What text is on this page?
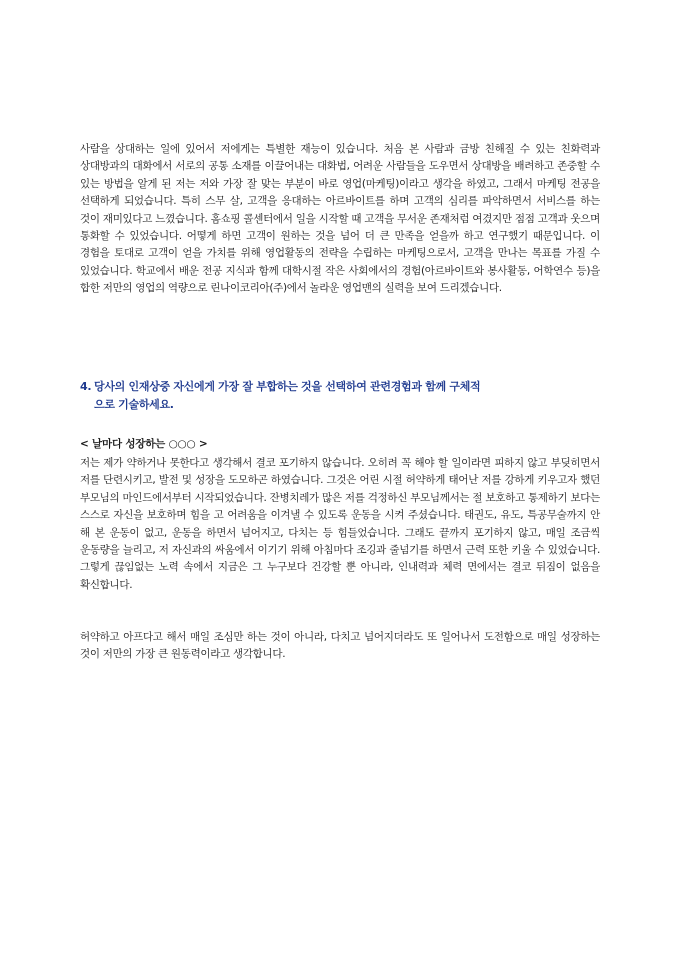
사람을 상대하는 일에 있어서 저에게는 특별한 재능이 있습니다. 처음 본 사람과 금방 친해질 수 있는 친화력과 상대방과의 대화에서 서로의 공통 소재를 이끌어내는 대화법, 어려운 사람들을 도우면서 상대방을 배려하고 존중할 수 있는 방법을 알게 된 저는 저와 가장 잘 맞는 부분이 바로 영업(마케팅)이라고 생각을 하였고, 그래서 마케팅 전공을 선택하게 되었습니다. 특히 스무 살, 고객을 응대하는 아르바이트를 하며 고객의 심리를 파악하면서 서비스를 하는 것이 재미있다고 느꼈습니다. 홈쇼핑 콜센터에서 일을 시작할 때 고객을 무서운 존재처럼 여겼지만 점점 고객과 웃으며 통화할 수 있었습니다. 어떻게 하면 고객이 원하는 것을 넘어 더 큰 만족을 얻을까 하고 연구했기 때문입니다. 이 경험을 토대로 고객이 얻을 가치를 위해 영업활동의 전략을 수립하는 마케팅으로서, 고객을 만나는 목표를 가질 수 있었습니다. 학교에서 배운 전공 지식과 함께 대학시절 작은 사회에서의 경험(아르바이트와 봉사활동, 어학연수 등)을 합한 저만의 영업의 역량으로 린나이코리아(주)에서 놀라운 영업맨의 실력을 보여 드리겠습니다.

4. 당사의 인재상중 자신에게 가장 잘 부합하는 것을 선택하여 관련경험과 함께 구체적
으로 기술하세요.

< 날마다 성장하는 ○○○ >

저는 제가 약하거나 못한다고 생각해서 결코 포기하지 않습니다. 오히려 꼭 해야 할 일이라면 피하지 않고 부딪히면서 저를 단련시키고, 발전 및 성장을 도모하곤 하였습니다. 그것은 어린 시절 허약하게 태어난 저를 강하게 키우고자 했던 부모님의 마인드에서부터 시작되었습니다. 잔병치레가 많은 저를 걱정하신 부모님께서는 절 보호하고 통제하기 보다는 스스로 자신을 보호하며 힘을 고 어려움을 이겨낼 수 있도록 운동을 시켜 주셨습니다. 태권도, 유도, 특공무술까지 안 해 본 운동이 없고, 운동을 하면서 넘어지고, 다치는 등 힘들었습니다. 그래도 끝까지 포기하지 않고, 매일 조금씩 운동량을 늘리고, 저 자신과의 싸움에서 이기기 위해 아침마다 조깅과 줄넘기를 하면서 근력 또한 키울 수 있었습니다. 그렇게 끊임없는 노력 속에서 지금은 그 누구보다 건강할 뿐 아니라, 인내력과 체력 면에서는 결코 뒤짐이 없음을 확신합니다.

허약하고 아프다고 해서 매일 조심만 하는 것이 아니라, 다치고 넘어지더라도 또 일어나서 도전함으로 매일 성장하는 것이 저만의 가장 큰 원동력이라고 생각합니다.
